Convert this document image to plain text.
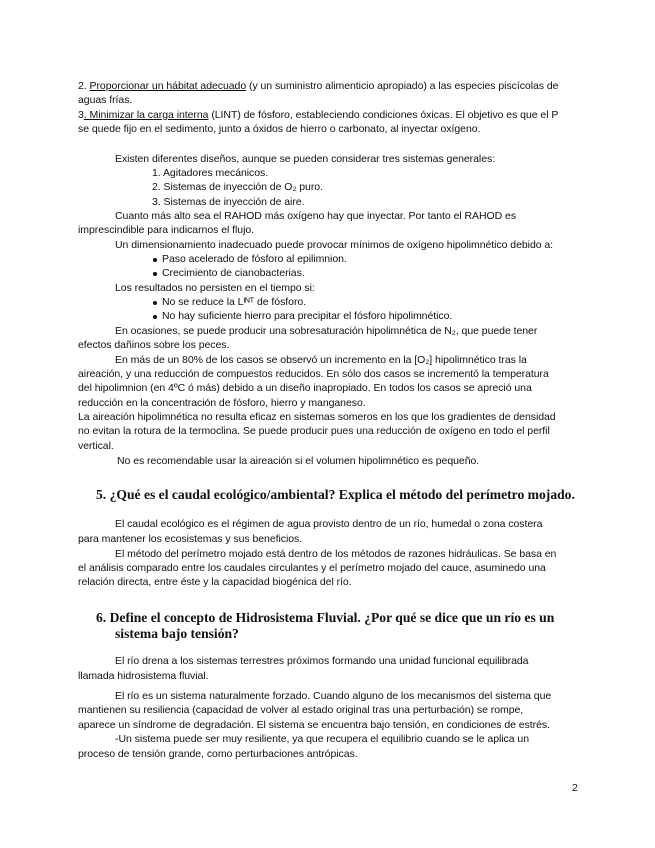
2. Proporcionar un hábitat adecuado (y un suministro alimenticio apropiado) a las especies piscícolas de
aguas frías.
3. Minimizar la carga interna (LINT) de fósforo, estableciendo condiciones óxicas. El objetivo es que el P
se quede fijo en el sedimento, junto a óxidos de hierro o carbonato, al inyectar oxígeno.
Existen diferentes diseños, aunque se pueden considerar tres sistemas generales:
1. Agitadores mecánicos.
2. Sistemas de inyección de O₂ puro.
3. Sistemas de inyección de aire.
Cuanto más alto sea el RAHOD más oxígeno hay que inyectar. Por tanto el RAHOD es
imprescindible para indicarnos el flujo.
Un dimensionamiento inadecuado puede provocar mínimos de oxígeno hipolimnético debido a:
Paso acelerado de fósforo al epilimnion.
Crecimiento de cianobacterias.
Los resultados no persisten en el tiempo si:
No se reduce la Lᴵᴺᵀ de fósforo.
No hay suficiente hierro para precipitar el fósforo hipolimnético.
En ocasiones, se puede producir una sobresaturación hipolimnética de N₂, que puede tener
efectos dañinos sobre los peces.
En más de un 80% de los casos se observó un incremento en la [O₂] hipolimnético tras la
aireación, y una reducción de compuestos reducidos. En sólo dos casos se incrementó la temperatura
del hipolimnion (en 4ºC ó más) debido a un diseño inapropiado. En todos los casos se apreció una
reducción en la concentración de fósforo, hierro y manganeso.
La aireación hipolimnética no resulta eficaz en sistemas someros en los que los gradientes de densidad
no evitan la rotura de la termoclina. Se puede producir pues una reducción de oxígeno en todo el perfil
vertical.
No es recomendable usar la aireación si el volumen hipolimnético es pequeño.
5. ¿Qué es el caudal ecológico/ambiental? Explica el método del perímetro mojado.
El caudal ecológico es el régimen de agua provisto dentro de un río, humedal o zona costera
para mantener los ecosistemas y sus beneficios.
El método del perímetro mojado está dentro de los métodos de razones hidráulicas. Se basa en
el análisis comparado entre los caudales circulantes y el perímetro mojado del cauce, asuminedo una
relación directa, entre éste y la capacidad biogénica del río.
6. Define el concepto de Hidrosistema Fluvial. ¿Por qué se dice que un río es un
sistema bajo tensión?
El río drena a los sistemas terrestres próximos formando una unidad funcional equilibrada
llamada hidrosistema fluvial.
El río es un sistema naturalmente forzado. Cuando alguno de los mecanismos del sistema que
mantienen su resiliencia (capacidad de volver al estado original tras una perturbación) se rompe,
aparece un síndrome de degradación. El sistema se encuentra bajo tensión, en condiciones de estrés.
-Un sistema puede ser muy resiliente, ya que recupera el equilibrio cuando se le aplica un
proceso de tensión grande, como perturbaciones antrópicas.
2
